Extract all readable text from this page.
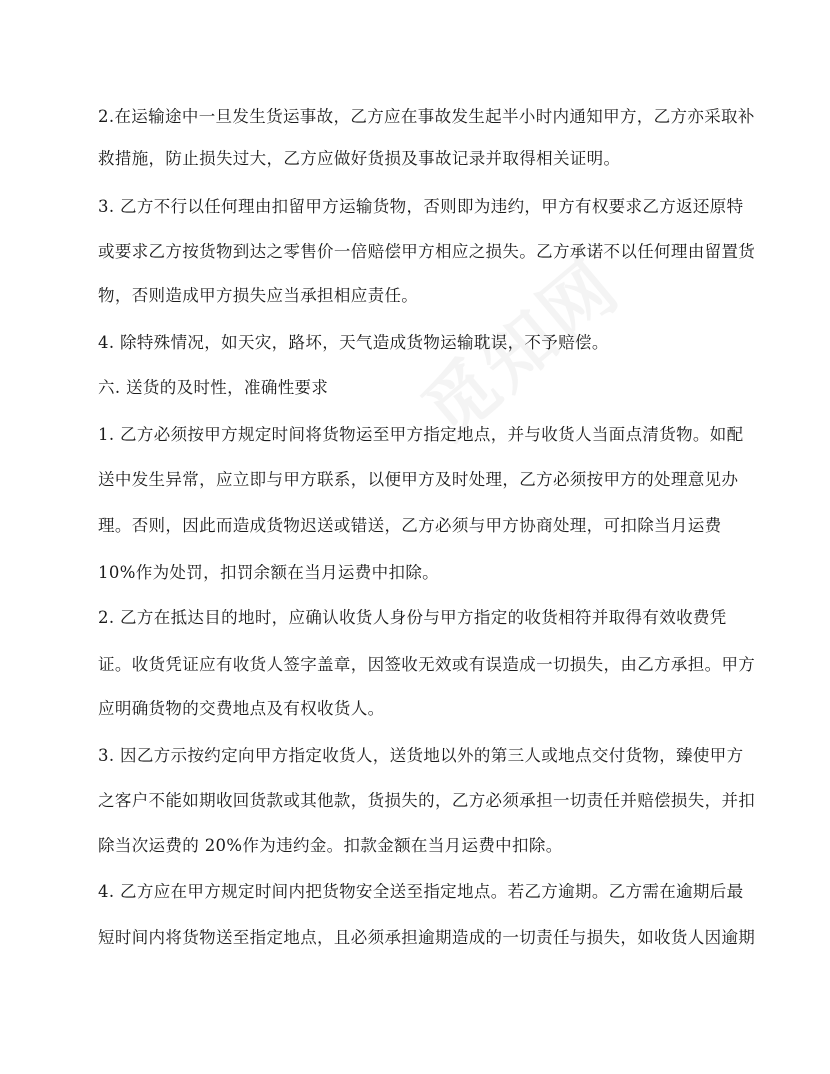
2.在运输途中一旦发生货运事故，乙方应在事故发生起半小时内通知甲方，乙方亦采取补
救措施，防止损失过大，乙方应做好货损及事故记录并取得相关证明。
3. 乙方不行以任何理由扣留甲方运输货物，否则即为违约，甲方有权要求乙方返还原特
或要求乙方按货物到达之零售价一倍赔偿甲方相应之损失。乙方承诺不以任何理由留置货
物，否则造成甲方损失应当承担相应责任。
4. 除特殊情况，如天灾，路坏，天气造成货物运输耽误，不予赔偿。
六. 送货的及时性，准确性要求
1. 乙方必须按甲方规定时间将货物运至甲方指定地点，并与收货人当面点清货物。如配
送中发生异常，应立即与甲方联系，以便甲方及时处理，乙方必须按甲方的处理意见办
理。否则，因此而造成货物迟送或错送，乙方必须与甲方协商处理，可扣除当月运费
10%作为处罚，扣罚余额在当月运费中扣除。
2. 乙方在抵达目的地时，应确认收货人身份与甲方指定的收货相符并取得有效收费凭
证。收货凭证应有收货人签字盖章，因签收无效或有误造成一切损失，由乙方承担。甲方
应明确货物的交费地点及有权收货人。
3. 因乙方示按约定向甲方指定收货人，送货地以外的第三人或地点交付货物，臻使甲方
之客户不能如期收回货款或其他款，货损失的，乙方必须承担一切责任并赔偿损失，并扣
除当次运费的 20%作为违约金。扣款金额在当月运费中扣除。
4. 乙方应在甲方规定时间内把货物安全送至指定地点。若乙方逾期。乙方需在逾期后最
短时间内将货物送至指定地点，且必须承担逾期造成的一切责任与损失，如收货人因逾期
